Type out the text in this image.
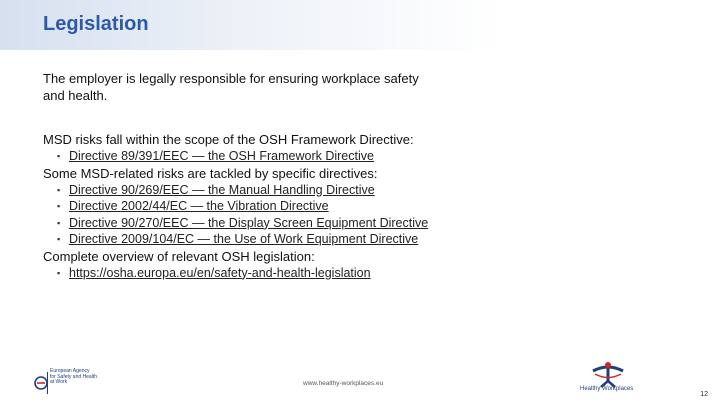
Legislation

The employer is legally responsible for ensuring workplace safety

and health.

MSD risks fall within the scope of the OSH Framework Directive:

▪ Directive 89/391/EEC — the OSH Framework Directive

Some MSD-related risks are tackled by specific directives:

▪ Directive 90/269/EEC — the Manual Handling Directive
▪ Directive 2002/44/EC — the Vibration Directive
▪ Directive 90/270/EEC — the Display Screen Equipment Directive
▪ Directive 2009/104/EC — the Use of Work Equipment Directive

Complete overview of relevant OSH legislation:

▪ https://osha.europa.eu/en/safety-and-health-legislation
European Agency
for Safety and Health
at Work	www.healthy-workplaces.eu
Healthy Workplaces
12
